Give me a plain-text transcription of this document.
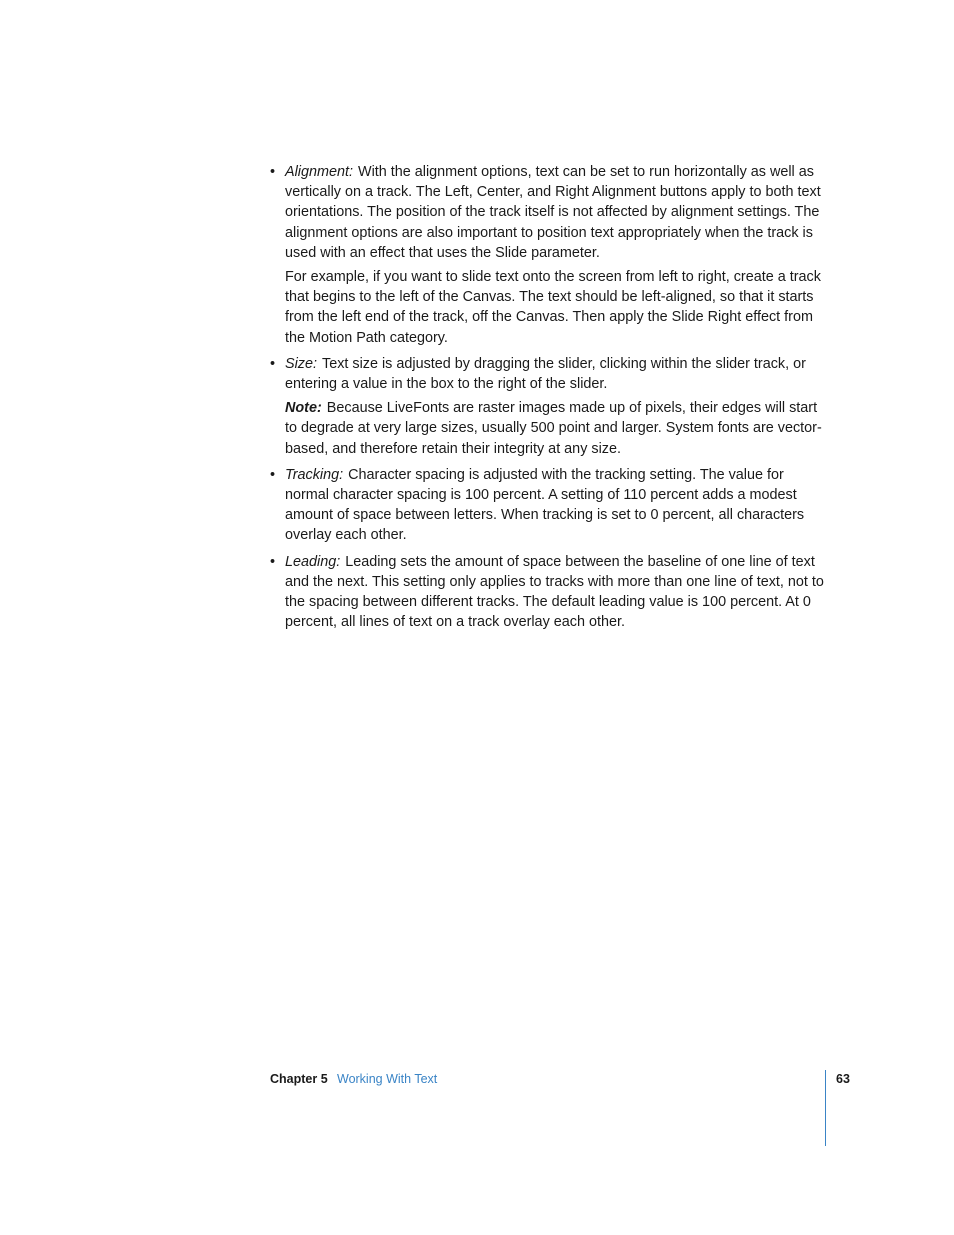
• Alignment: With the alignment options, text can be set to run horizontally as well as vertically on a track. The Left, Center, and Right Alignment buttons apply to both text orientations. The position of the track itself is not affected by alignment settings. The alignment options are also important to position text appropriately when the track is used with an effect that uses the Slide parameter.

For example, if you want to slide text onto the screen from left to right, create a track that begins to the left of the Canvas. The text should be left-aligned, so that it starts from the left end of the track, off the Canvas. Then apply the Slide Right effect from the Motion Path category.

• Size: Text size is adjusted by dragging the slider, clicking within the slider track, or entering a value in the box to the right of the slider.

Note: Because LiveFonts are raster images made up of pixels, their edges will start to degrade at very large sizes, usually 500 point and larger. System fonts are vector-based, and therefore retain their integrity at any size.

• Tracking: Character spacing is adjusted with the tracking setting. The value for normal character spacing is 100 percent. A setting of 110 percent adds a modest amount of space between letters. When tracking is set to 0 percent, all characters overlay each other.

• Leading: Leading sets the amount of space between the baseline of one line of text and the next. This setting only applies to tracks with more than one line of text, not to the spacing between different tracks. The default leading value is 100 percent. At 0 percent, all lines of text on a track overlay each other.

Chapter 5 Working With Text	63
